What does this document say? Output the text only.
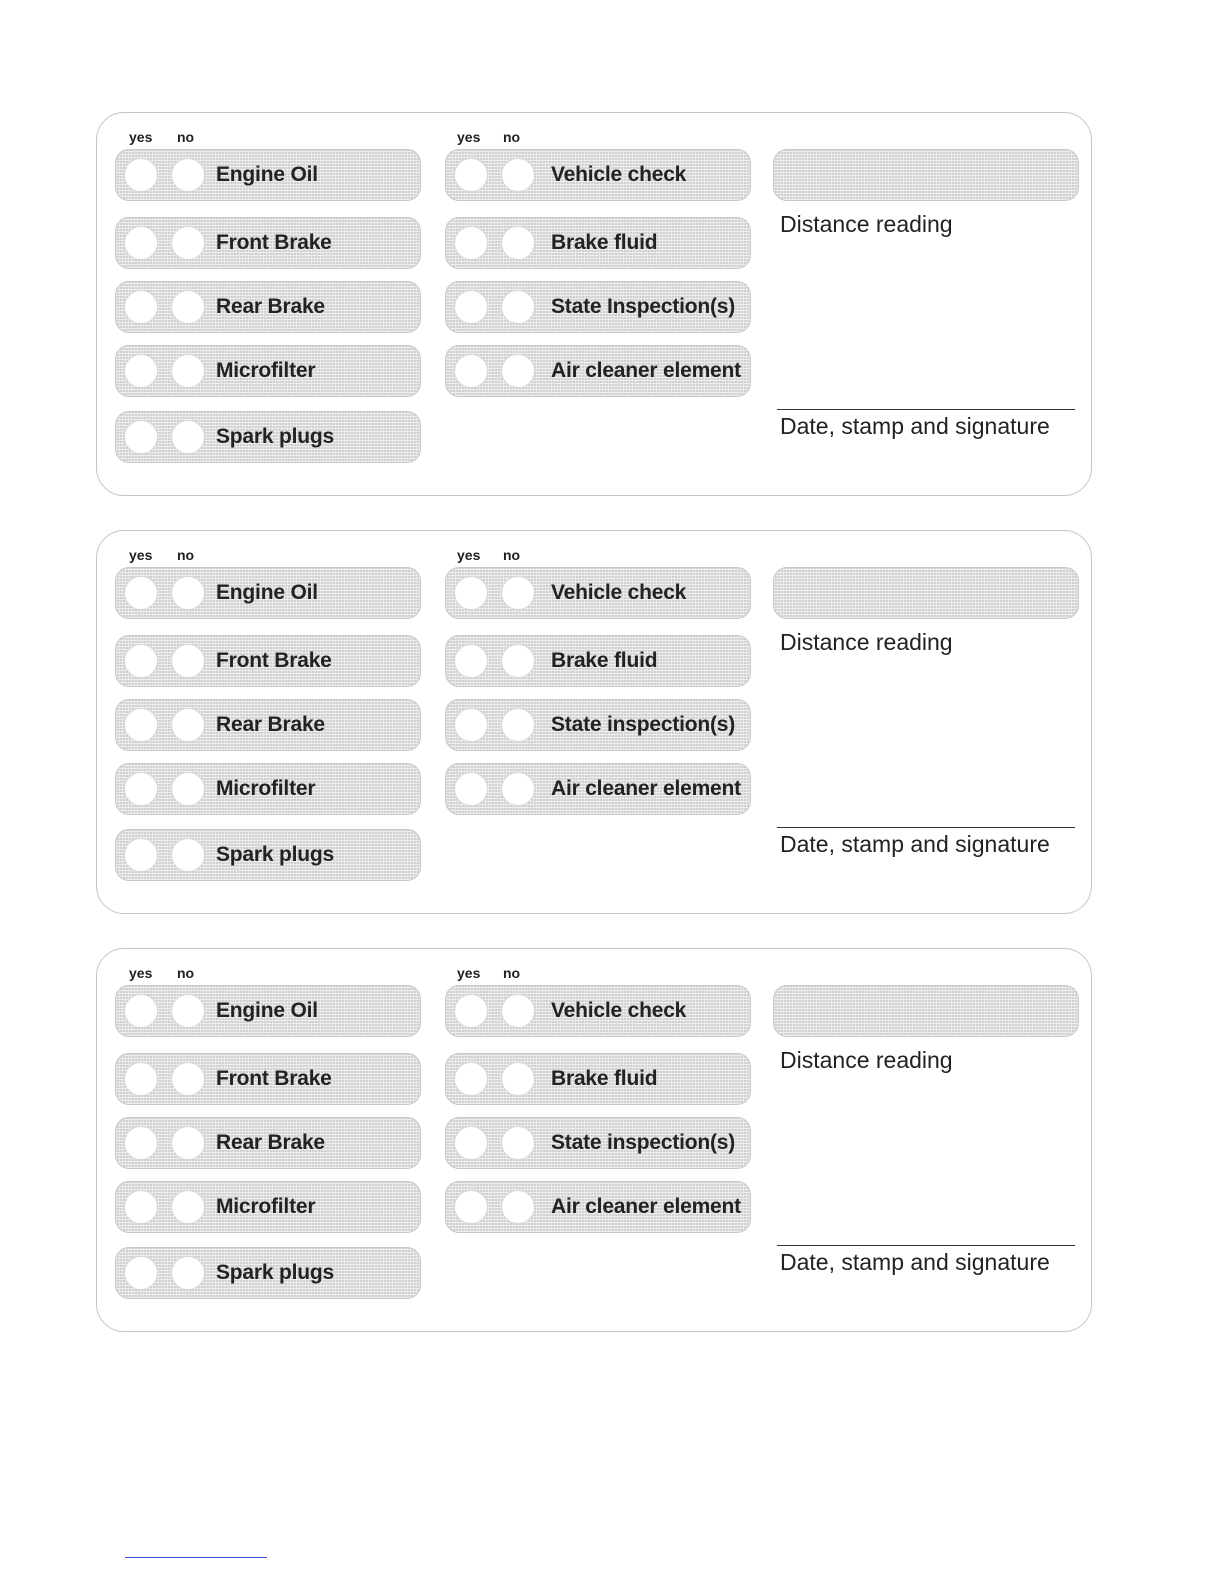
yes no	yes no
Engine Oil
Front Brake
Rear Brake
Microfilter
Spark plugs
Vehicle check
Brake fluid
State Inspection(s)
Air cleaner element
Distance reading
Date, stamp and signature
yes no	yes no
Engine Oil
Front Brake
Rear Brake
Microfilter
Spark plugs
Vehicle check
Brake fluid
State inspection(s)
Air cleaner element
Distance reading
Date, stamp and signature
yes no	yes no
Engine Oil
Front Brake
Rear Brake
Microfilter
Spark plugs
Vehicle check
Brake fluid
State inspection(s)
Air cleaner element
Distance reading
Date, stamp and signature
